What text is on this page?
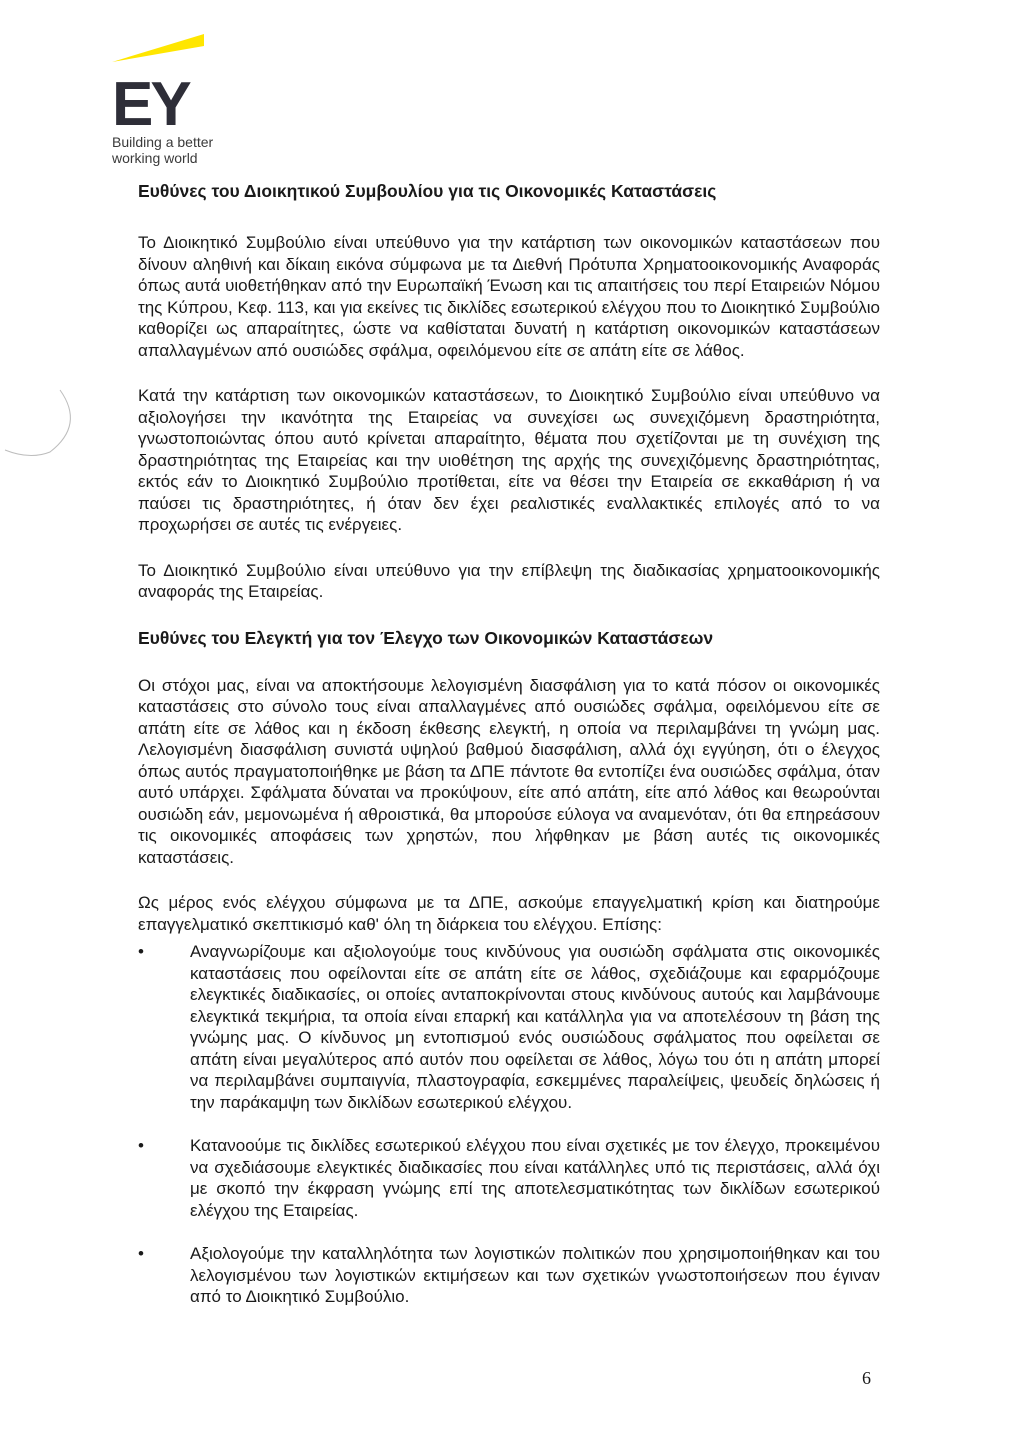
EY
Building a better
working world
Ευθύνες του Διοικητικού Συμβουλίου για τις Οικονομικές Καταστάσεις

Το Διοικητικό Συμβούλιο είναι υπεύθυνο για την κατάρτιση των οικονομικών καταστάσεων που δίνουν αληθινή και δίκαιη εικόνα σύμφωνα με τα Διεθνή Πρότυπα Χρηματοοικονομικής Αναφοράς όπως αυτά υιοθετήθηκαν από την Ευρωπαϊκή Ένωση και τις απαιτήσεις του περί Εταιρειών Νόμου της Κύπρου, Κεφ. 113, και για εκείνες τις δικλίδες εσωτερικού ελέγχου που το Διοικητικό Συμβούλιο καθορίζει ως απαραίτητες, ώστε να καθίσταται δυνατή η κατάρτιση οικονομικών καταστάσεων απαλλαγμένων από ουσιώδες σφάλμα, οφειλόμενου είτε σε απάτη είτε σε λάθος.

Κατά την κατάρτιση των οικονομικών καταστάσεων, το Διοικητικό Συμβούλιο είναι υπεύθυνο να αξιολογήσει την ικανότητα της Εταιρείας να συνεχίσει ως συνεχιζόμενη δραστηριότητα, γνωστοποιώντας όπου αυτό κρίνεται απαραίτητο, θέματα που σχετίζονται με τη συνέχιση της δραστηριότητας της Εταιρείας και την υιοθέτηση της αρχής της συνεχιζόμενης δραστηριότητας, εκτός εάν το Διοικητικό Συμβούλιο προτίθεται, είτε να θέσει την Εταιρεία σε εκκαθάριση ή να παύσει τις δραστηριότητες, ή όταν δεν έχει ρεαλιστικές εναλλακτικές επιλογές από το να προχωρήσει σε αυτές τις ενέργειες.

Το Διοικητικό Συμβούλιο είναι υπεύθυνο για την επίβλεψη της διαδικασίας χρηματοοικονομικής αναφοράς της Εταιρείας.

Ευθύνες του Ελεγκτή για τον Έλεγχο των Οικονομικών Καταστάσεων

Οι στόχοι μας, είναι να αποκτήσουμε λελογισμένη διασφάλιση για το κατά πόσον οι οικονομικές καταστάσεις στο σύνολο τους είναι απαλλαγμένες από ουσιώδες σφάλμα, οφειλόμενου είτε σε απάτη είτε σε λάθος και η έκδοση έκθεσης ελεγκτή, η οποία να περιλαμβάνει τη γνώμη μας. Λελογισμένη διασφάλιση συνιστά υψηλού βαθμού διασφάλιση, αλλά όχι εγγύηση, ότι ο έλεγχος όπως αυτός πραγματοποιήθηκε με βάση τα ΔΠΕ πάντοτε θα εντοπίζει ένα ουσιώδες σφάλμα, όταν αυτό υπάρχει. Σφάλματα δύναται να προκύψουν, είτε από απάτη, είτε από λάθος και θεωρούνται ουσιώδη εάν, μεμονωμένα ή αθροιστικά, θα μπορούσε εύλογα να αναμενόταν, ότι θα επηρεάσουν τις οικονομικές αποφάσεις των χρηστών, που λήφθηκαν με βάση αυτές τις οικονομικές καταστάσεις.

Ως μέρος ενός ελέγχου σύμφωνα με τα ΔΠΕ, ασκούμε επαγγελματική κρίση και διατηρούμε επαγγελματικό σκεπτικισμό καθ' όλη τη διάρκεια του ελέγχου. Επίσης:

•	Αναγνωρίζουμε και αξιολογούμε τους κινδύνους για ουσιώδη σφάλματα στις οικονομικές καταστάσεις που οφείλονται είτε σε απάτη είτε σε λάθος, σχεδιάζουμε και εφαρμόζουμε ελεγκτικές διαδικασίες, οι οποίες ανταποκρίνονται στους κινδύνους αυτούς και λαμβάνουμε ελεγκτικά τεκμήρια, τα οποία είναι επαρκή και κατάλληλα για να αποτελέσουν τη βάση της γνώμης μας. Ο κίνδυνος μη εντοπισμού ενός ουσιώδους σφάλματος που οφείλεται σε απάτη είναι μεγαλύτερος από αυτόν που οφείλεται σε λάθος, λόγω του ότι η απάτη μπορεί να περιλαμβάνει συμπαιγνία, πλαστογραφία, εσκεμμένες παραλείψεις, ψευδείς δηλώσεις ή την παράκαμψη των δικλίδων εσωτερικού ελέγχου.
•	Κατανοούμε τις δικλίδες εσωτερικού ελέγχου που είναι σχετικές με τον έλεγχο, προκειμένου να σχεδιάσουμε ελεγκτικές διαδικασίες που είναι κατάλληλες υπό τις περιστάσεις, αλλά όχι με σκοπό την έκφραση γνώμης επί της αποτελεσματικότητας των δικλίδων εσωτερικού ελέγχου της Εταιρείας.
•	Αξιολογούμε την καταλληλότητα των λογιστικών πολιτικών που χρησιμοποιήθηκαν και του λελογισμένου των λογιστικών εκτιμήσεων και των σχετικών γνωστοποιήσεων που έγιναν από το Διοικητικό Συμβούλιο.
6
